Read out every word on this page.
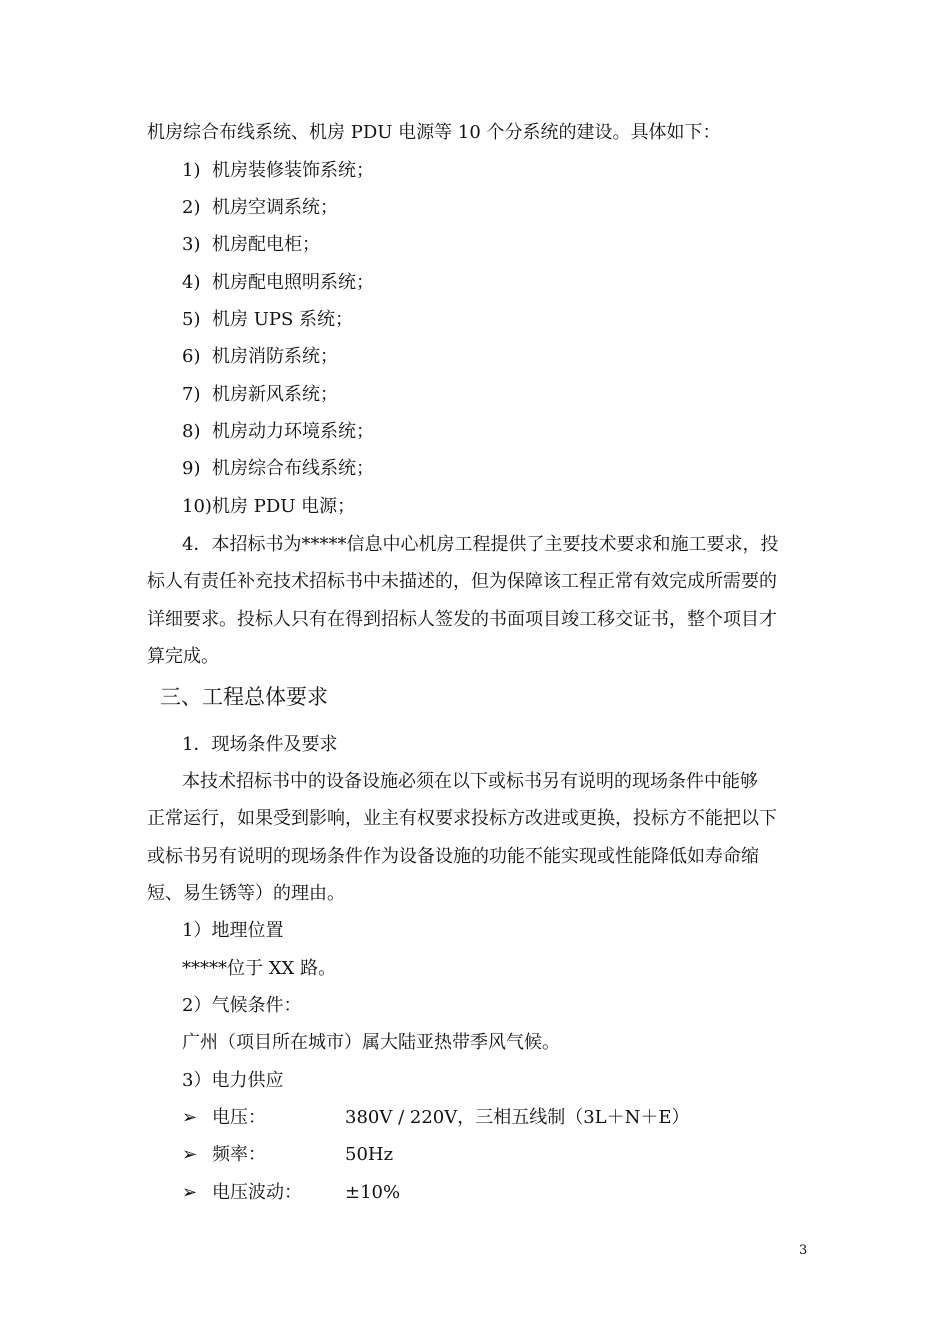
机房综合布线系统、机房 PDU 电源等 10 个分系统的建设。具体如下：
1) 机房装修装饰系统；
2) 机房空调系统；
3) 机房配电柜；
4) 机房配电照明系统；
5) 机房 UPS 系统；
6) 机房消防系统；
7) 机房新风系统；
8) 机房动力环境系统；
9) 机房综合布线系统；
10)机房 PDU 电源；
4．本招标书为*****信息中心机房工程提供了主要技术要求和施工要求，投
标人有责任补充技术招标书中未描述的，但为保障该工程正常有效完成所需要的
详细要求。投标人只有在得到招标人签发的书面项目竣工移交证书，整个项目才
算完成。
三、工程总体要求
1．现场条件及要求
本技术招标书中的设备设施必须在以下或标书另有说明的现场条件中能够
正常运行，如果受到影响，业主有权要求投标方改进或更换，投标方不能把以下
或标书另有说明的现场条件作为设备设施的功能不能实现或性能降低如寿命缩
短、易生锈等）的理由。
1）地理位置
*****位于 XX 路。
2）气候条件：
广州（项目所在城市）属大陆亚热带季风气候。
3）电力供应
➢ 电压：	380V / 220V，三相五线制（3L＋N＋E）
➢ 频率：	50Hz
➢ 电压波动： ±10%
3
